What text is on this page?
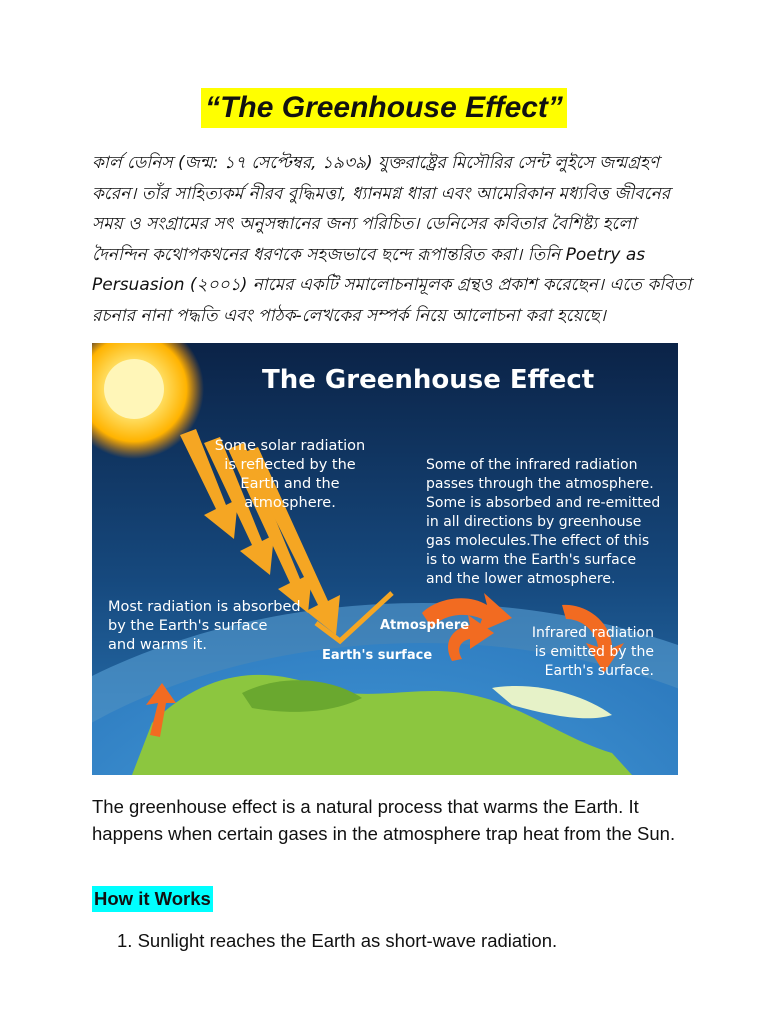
“The Greenhouse Effect”
কার্ল ডেনিস (জন্ম: ১৭ সেপ্টেম্বর, ১৯৩৯) যুক্তরাষ্ট্রের মিসৌরির সেন্ট লুইসে জন্মগ্রহণ করেন। তাঁর সাহিত্যকর্ম নীরব বুদ্ধিমত্তা, ধ্যানমগ্ন ধারা এবং আমেরিকান মধ্যবিত্ত জীবনের সময় ও সংগ্রামের সৎ অনুসন্ধানের জন্য পরিচিত। ডেনিসের কবিতার বৈশিষ্ট্য হলো দৈনন্দিন কথোপকথনের ধরণকে সহজভাবে ছন্দে রূপান্তরিত করা। তিনি Poetry as Persuasion (২০০১) নামের একটি সমালোচনামূলক গ্রন্থও প্রকাশ করেছেন। এতে কবিতা রচনার নানা পদ্ধতি এবং পাঠক-লেখকের সম্পর্ক নিয়ে আলোচনা করা হয়েছে।
The Greenhouse Effect
Some solar radiation
is reflected by the
Earth and the
atmosphere.
Some of the infrared radiation
passes through the atmosphere.
Some is absorbed and re-emitted
in all directions by greenhouse
gas molecules.The effect of this
is to warm the Earth's surface
and the lower atmosphere.
Most radiation is absorbed
by the Earth's surface
and warms it.
Infrared radiation
is emitted by the
Earth's surface.
Atmosphere
Earth's surface
The greenhouse effect is a natural process that warms the Earth. It happens when certain gases in the atmosphere trap heat from the Sun.
How it Works
1. Sunlight reaches the Earth as short-wave radiation.
